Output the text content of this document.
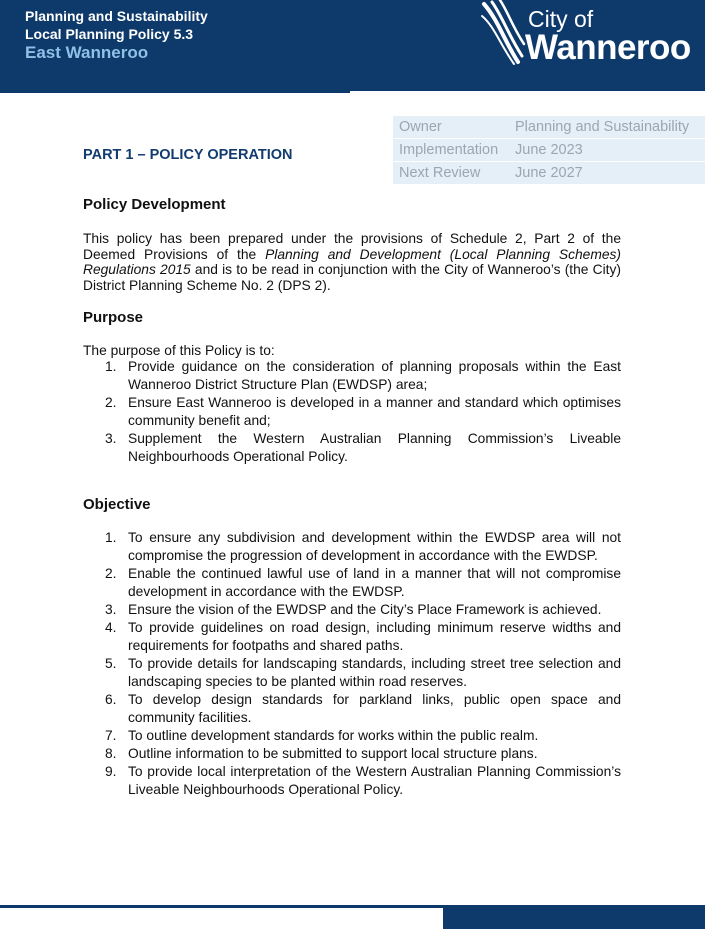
Planning and Sustainability
Local Planning Policy 5.3
East Wanneroo
City of
Wanneroo
Owner	Planning and Sustainability
Implementation	June 2023
Next Review	June 2027
PART 1 – POLICY OPERATION
Policy Development
This policy has been prepared under the provisions of Schedule 2, Part 2 of the Deemed Provisions of the Planning and Development (Local Planning Schemes) Regulations 2015 and is to be read in conjunction with the City of Wanneroo’s (the City) District Planning Scheme No. 2 (DPS 2).
Purpose
The purpose of this Policy is to:
1. Provide guidance on the consideration of planning proposals within the East Wanneroo District Structure Plan (EWDSP) area;
2. Ensure East Wanneroo is developed in a manner and standard which optimises community benefit and;
3. Supplement the Western Australian Planning Commission’s Liveable Neighbourhoods Operational Policy.
Objective
1. To ensure any subdivision and development within the EWDSP area will not compromise the progression of development in accordance with the EWDSP.
2. Enable the continued lawful use of land in a manner that will not compromise development in accordance with the EWDSP.
3. Ensure the vision of the EWDSP and the City’s Place Framework is achieved.
4. To provide guidelines on road design, including minimum reserve widths and requirements for footpaths and shared paths.
5. To provide details for landscaping standards, including street tree selection and landscaping species to be planted within road reserves.
6. To develop design standards for parkland links, public open space and community facilities.
7. To outline development standards for works within the public realm.
8. Outline information to be submitted to support local structure plans.
9. To provide local interpretation of the Western Australian Planning Commission’s Liveable Neighbourhoods Operational Policy.
